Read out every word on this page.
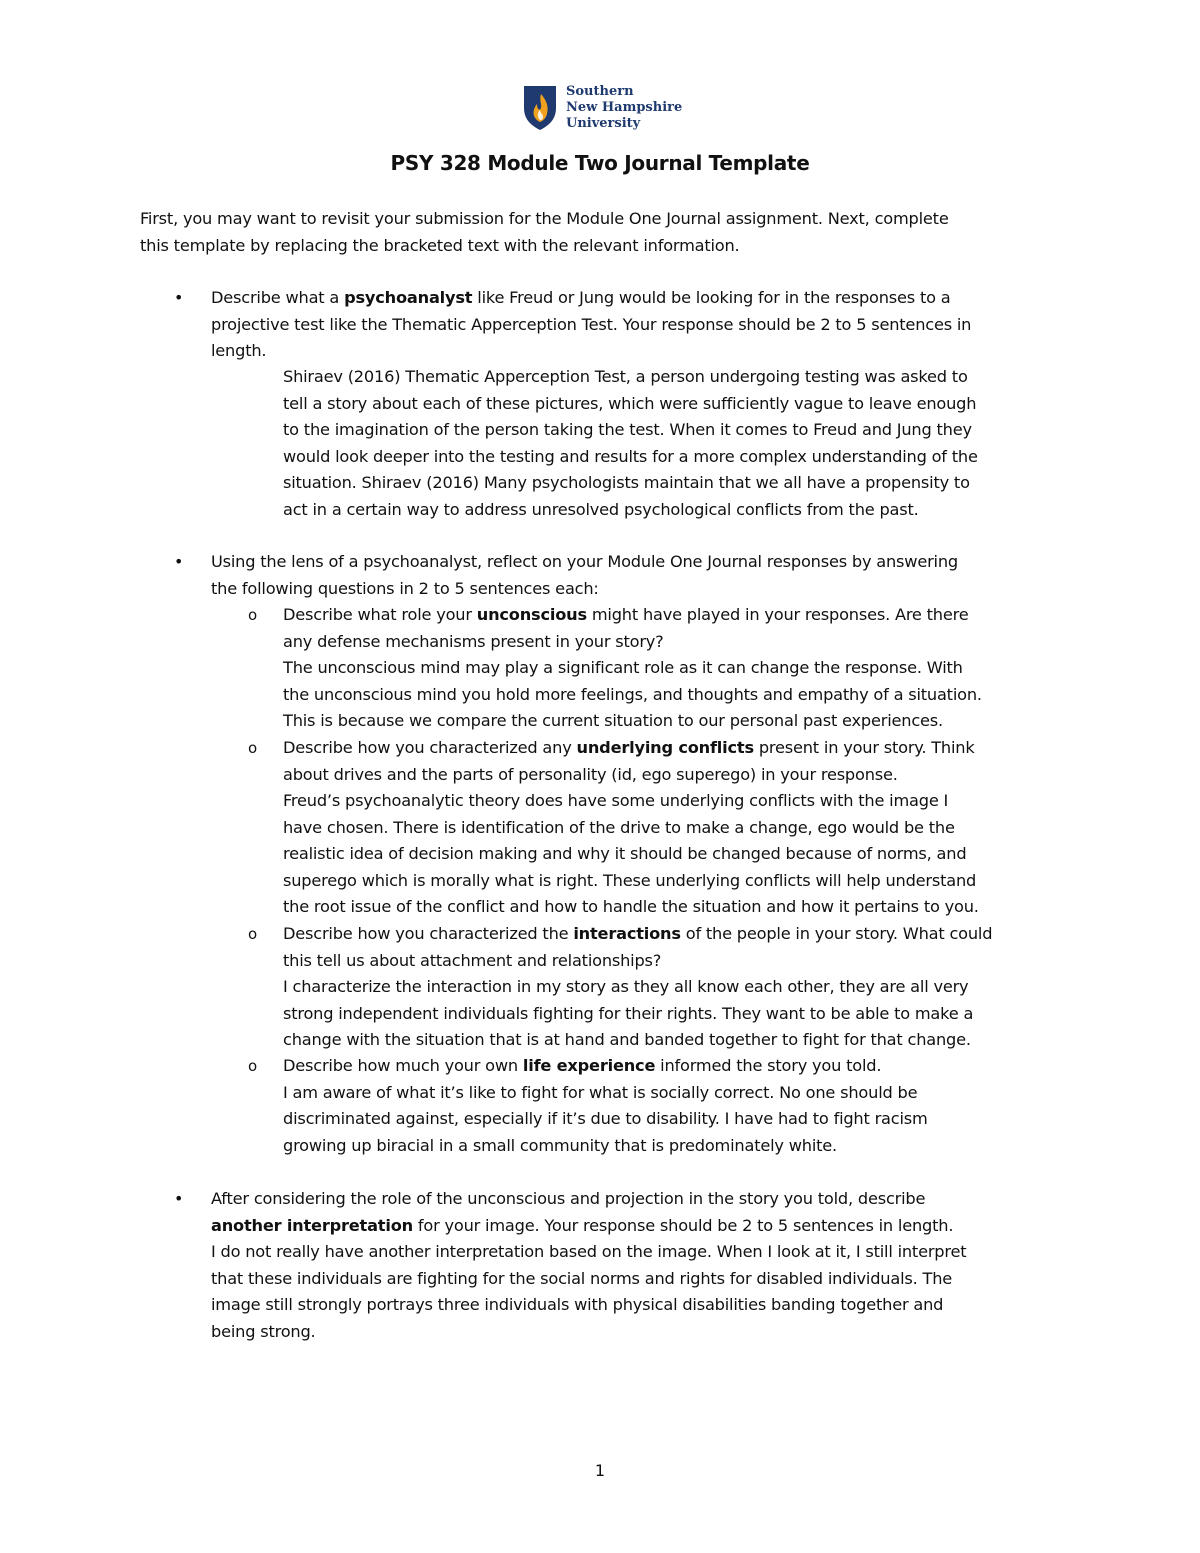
Southern
New Hampshire
University
PSY 328 Module Two Journal Template
First, you may want to revisit your submission for the Module One Journal assignment. Next, complete
this template by replacing the bracketed text with the relevant information.
• Describe what a psychoanalyst like Freud or Jung would be looking for in the responses to a
projective test like the Thematic Apperception Test. Your response should be 2 to 5 sentences in
length.
Shiraev (2016) Thematic Apperception Test, a person undergoing testing was asked to
tell a story about each of these pictures, which were sufficiently vague to leave enough
to the imagination of the person taking the test. When it comes to Freud and Jung they
would look deeper into the testing and results for a more complex understanding of the
situation. Shiraev (2016) Many psychologists maintain that we all have a propensity to
act in a certain way to address unresolved psychological conflicts from the past.
• Using the lens of a psychoanalyst, reflect on your Module One Journal responses by answering
the following questions in 2 to 5 sentences each:
o Describe what role your unconscious might have played in your responses. Are there
any defense mechanisms present in your story?
The unconscious mind may play a significant role as it can change the response. With
the unconscious mind you hold more feelings, and thoughts and empathy of a situation.
This is because we compare the current situation to our personal past experiences.
o Describe how you characterized any underlying conflicts present in your story. Think
about drives and the parts of personality (id, ego superego) in your response.
Freud’s psychoanalytic theory does have some underlying conflicts with the image I
have chosen. There is identification of the drive to make a change, ego would be the
realistic idea of decision making and why it should be changed because of norms, and
superego which is morally what is right. These underlying conflicts will help understand
the root issue of the conflict and how to handle the situation and how it pertains to you.
o Describe how you characterized the interactions of the people in your story. What could
this tell us about attachment and relationships?
I characterize the interaction in my story as they all know each other, they are all very
strong independent individuals fighting for their rights. They want to be able to make a
change with the situation that is at hand and banded together to fight for that change.
o Describe how much your own life experience informed the story you told.
I am aware of what it’s like to fight for what is socially correct. No one should be
discriminated against, especially if it’s due to disability. I have had to fight racism
growing up biracial in a small community that is predominately white.
• After considering the role of the unconscious and projection in the story you told, describe
another interpretation for your image. Your response should be 2 to 5 sentences in length.
I do not really have another interpretation based on the image. When I look at it, I still interpret
that these individuals are fighting for the social norms and rights for disabled individuals. The
image still strongly portrays three individuals with physical disabilities banding together and
being strong.
1
